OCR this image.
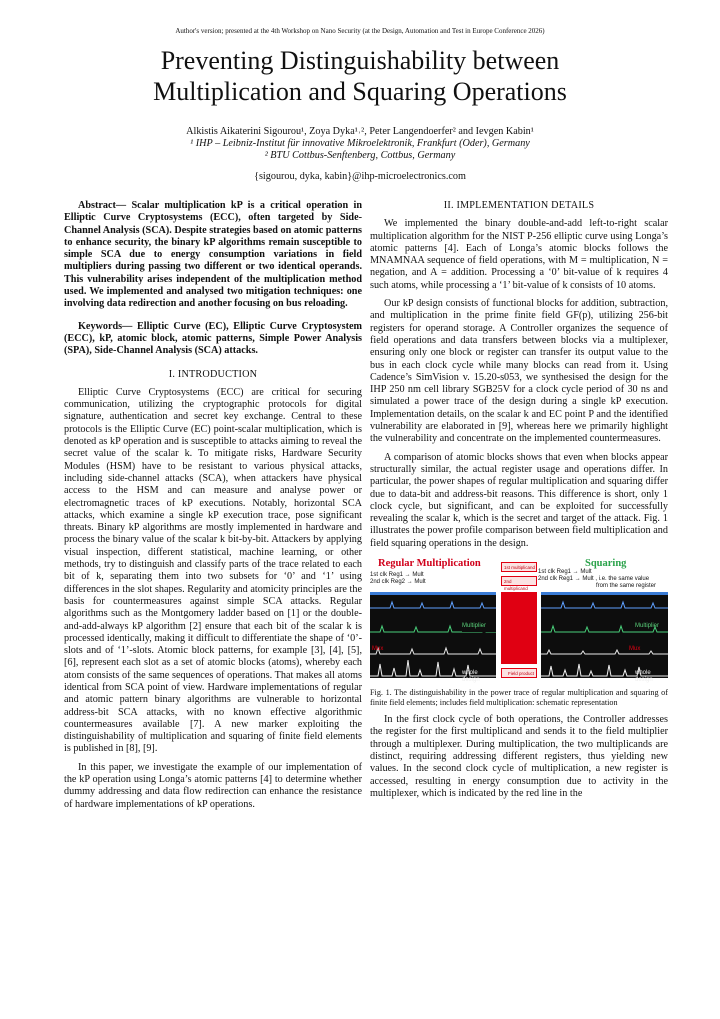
Author's version; presented at the 4th Workshop on Nano Security (at the Design, Automation and Test in Europe Conference 2026)
Preventing Distinguishability between
Multiplication and Squaring Operations
Alkistis Aikaterini Sigourou¹, Zoya Dyka¹˒², Peter Langendoerfer² and Ievgen Kabin¹
¹ IHP – Leibniz-Institut für innovative Mikroelektronik, Frankfurt (Oder), Germany
² BTU Cottbus-Senftenberg, Cottbus, Germany
{sigourou, dyka, kabin}@ihp-microelectronics.com

Abstract— Scalar multiplication kP is a critical operation in Elliptic Curve Cryptosystems (ECC), often targeted by Side-Channel Analysis (SCA). Despite strategies based on atomic patterns to enhance security, the binary kP algorithms remain susceptible to simple SCA due to energy consumption variations in field multipliers during passing two different or two identical operands. This vulnerability arises independent of the multiplication method used. We implemented and analysed two mitigation techniques: one involving data redirection and another focusing on bus reloading.

Keywords— Elliptic Curve (EC), Elliptic Curve Cryptosystem (ECC), kP, atomic block, atomic patterns, Simple Power Analysis (SPA), Side-Channel Analysis (SCA) attacks.

I. INTRODUCTION

Elliptic Curve Cryptosystems (ECC) are critical for securing communication, utilizing the cryptographic protocols for digital signature, authentication and secret key exchange. Central to these protocols is the Elliptic Curve (EC) point-scalar multiplication, which is denoted as kP operation and is susceptible to attacks aiming to reveal the secret value of the scalar k. To mitigate risks, Hardware Security Modules (HSM) have to be resistant to various physical attacks, including side-channel attacks (SCA), when attackers have physical access to the HSM and can measure and analyse power or electromagnetic traces of kP executions. Notably, horizontal SCA attacks, which examine a single kP execution trace, pose significant threats. Binary kP algorithms are mostly implemented in hardware and process the binary value of the scalar k bit-by-bit. Attackers by applying visual inspection, different statistical, machine learning, or other methods, try to distinguish and classify parts of the trace related to each bit of k, separating them into two subsets for ‘0’ and ‘1’ using differences in the slot shapes. Regularity and atomicity principles are the basis for countermeasures against simple SCA attacks. Regular algorithms such as the Montgomery ladder based on [1] or the double-and-add-always kP algorithm [2] ensure that each bit of the scalar k is processed identically, making it difficult to differentiate the shape of ‘0’-slots and of ‘1’-slots. Atomic block patterns, for example [3], [4], [5], [6], represent each slot as a set of atomic blocks (atoms), whereby each atom consists of the same sequences of operations. That makes all atoms identical from SCA point of view. Hardware implementations of regular and atomic pattern binary algorithms are vulnerable to horizontal address-bit SCA attacks, with no known effective algorithmic countermeasures available [7]. A new marker exploiting the distinguishability of multiplication and squaring of finite field elements is published in [8], [9].

In this paper, we investigate the example of our implementation of the kP operation using Longa’s atomic patterns [4] to determine whether dummy addressing and data flow redirection can enhance the resistance of hardware implementations of kP operations.

II. IMPLEMENTATION DETAILS

We implemented the binary double-and-add left-to-right scalar multiplication algorithm for the NIST P-256 elliptic curve using Longa’s atomic patterns [4]. Each of Longa’s atomic blocks follows the MNAMNAA sequence of field operations, with M = multiplication, N = negation, and A = addition. Processing a ‘0’ bit-value of k requires 4 such atoms, while processing a ‘1’ bit-value of k consists of 10 atoms.

Our kP design consists of functional blocks for addition, subtraction, and multiplication in the prime finite field GF(p), utilizing 256-bit registers for operand storage. A Controller organizes the sequence of field operations and data transfers between blocks via a multiplexer, ensuring only one block or register can transfer its output value to the bus in each clock cycle while many blocks can read from it. Using Cadence’s SimVision v. 15.20-s053, we synthesised the design for the IHP 250 nm cell library SGB25V for a clock cycle period of 30 ns and simulated a power trace of the design during a single kP execution. Implementation details, on the scalar k and EC point P and the identified vulnerability are elaborated in [9], whereas here we primarily highlight the vulnerability and concentrate on the implemented countermeasures.

A comparison of atomic blocks shows that even when blocks appear structurally similar, the actual register usage and operations differ. In particular, the power shapes of regular multiplication and squaring differ due to data-bit and address-bit reasons. This difference is short, only 1 clock cycle, but significant, and can be exploited for successfully revealing the scalar k, which is the secret and target of the attack. Fig. 1 illustrates the power profile comparison between field multiplication and field squaring operations in the design.

Regular Multiplication	Squaring
1st clk Reg1 → Mult
2nd clk Reg2 → Mult
1st clk Reg1 → Mult
2nd clk Reg1 → Mult , i.e. the same value
from the same register
Multiplier
whole design
1st multiplicand
2nd multiplicand
Field product
Multiplier
Mux
whole design
Mux
Fig. 1. The distinguishability in the power trace of regular multiplication and squaring of finite field elements; includes field multiplication: schematic representation

In the first clock cycle of both operations, the Controller addresses the register for the first multiplicand and sends it to the field multiplier through a multiplexer. During multiplication, the two multiplicands are distinct, requiring addressing different registers, thus yielding new values. In the second clock cycle of multiplication, a new register is accessed, resulting in energy consumption due to activity in the multiplexer, which is indicated by the red line in the
